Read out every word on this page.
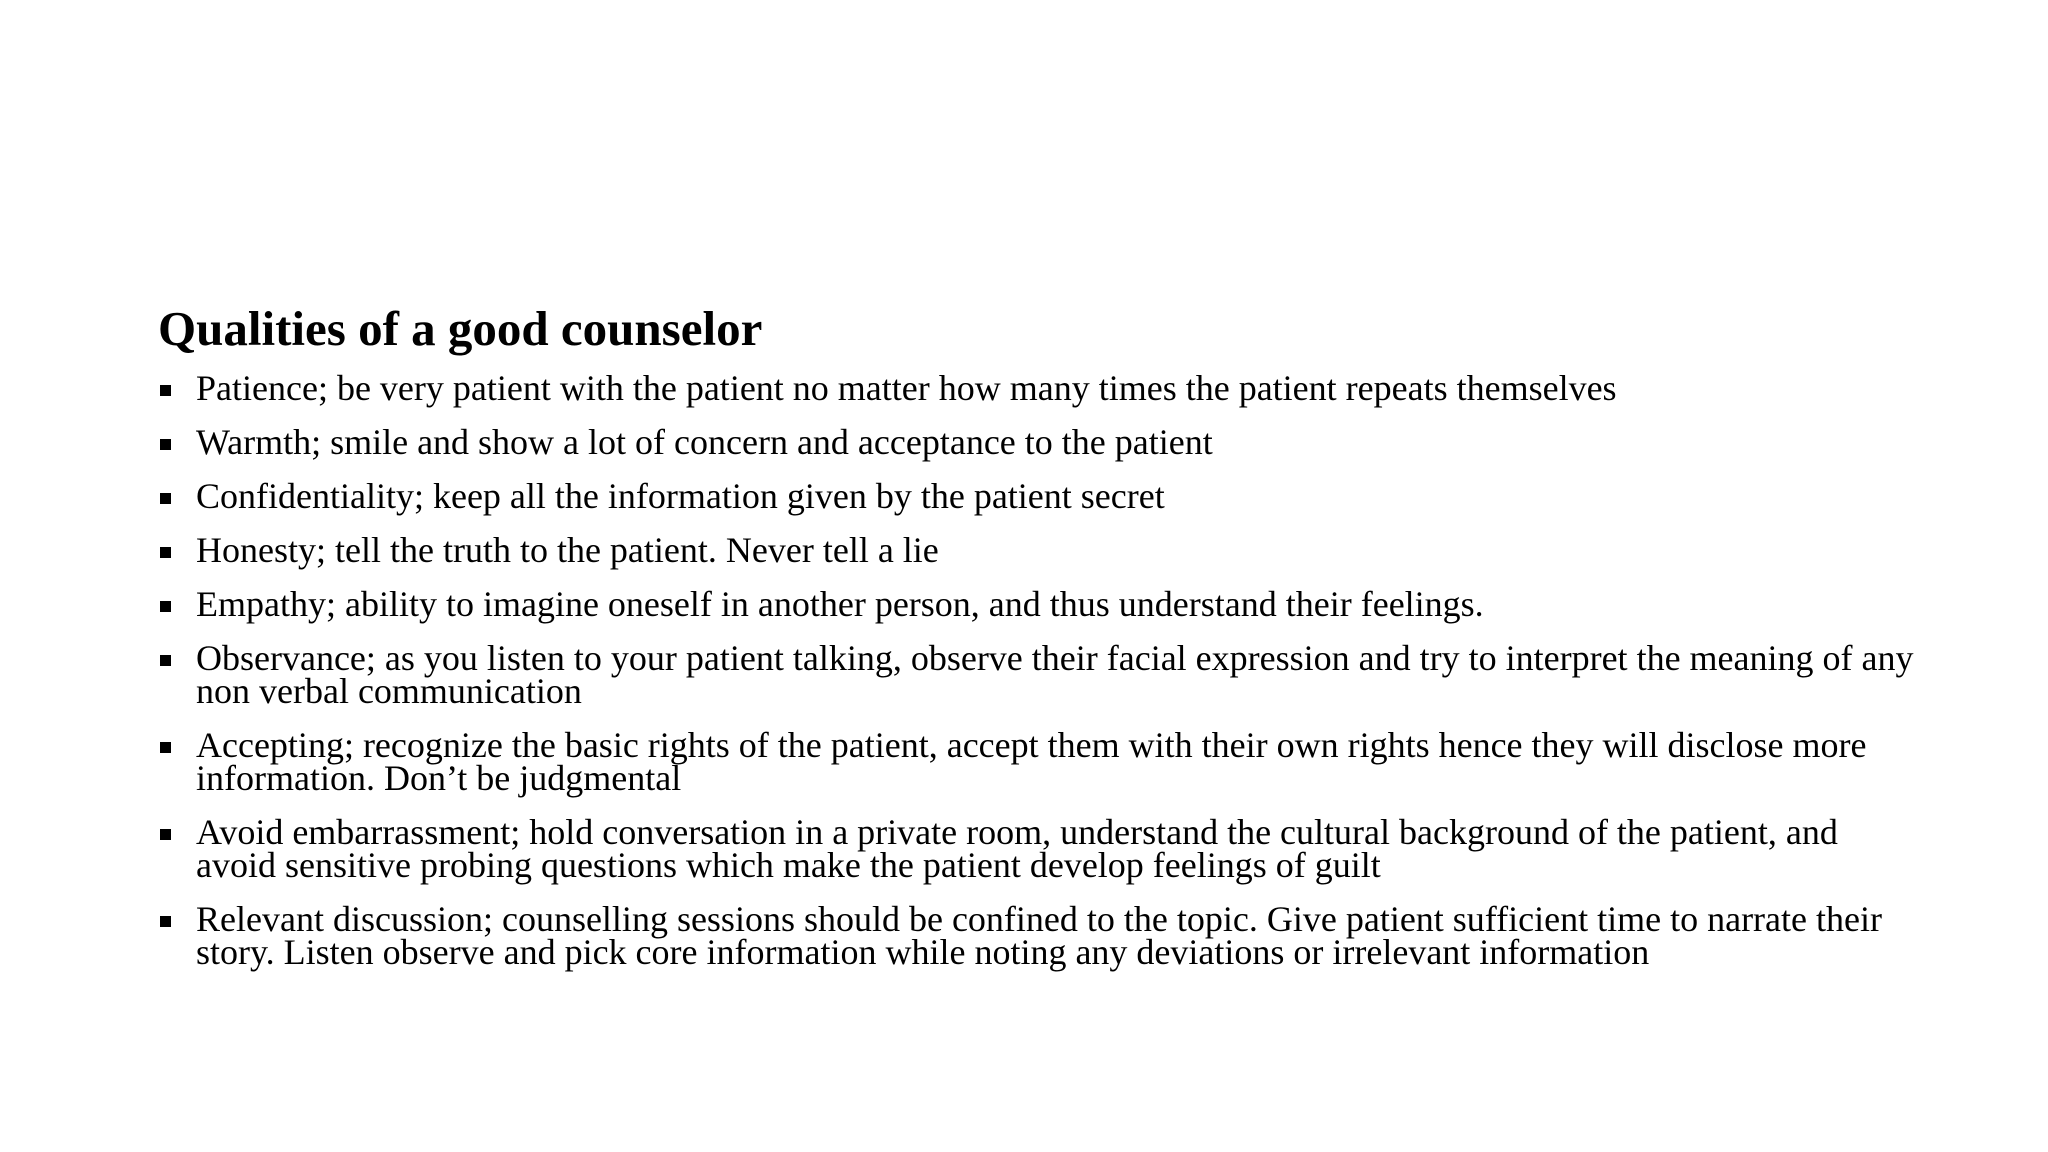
Qualities of a good counselor
Patience; be very patient with the patient no matter how many times the patient repeats themselves
Warmth; smile and show a lot of concern and acceptance to the patient
Confidentiality; keep all the information given by the patient secret
Honesty; tell the truth to the patient. Never tell a lie
Empathy; ability to imagine oneself in another person, and thus understand their feelings.
Observance; as you listen to your patient talking, observe their facial expression and try to interpret the meaning of any non verbal communication
Accepting; recognize the basic rights of the patient, accept them with their own rights hence they will disclose more information. Don’t be judgmental
Avoid embarrassment; hold conversation in a private room, understand the cultural background of the patient, and avoid sensitive probing questions which make the patient develop feelings of guilt
Relevant discussion; counselling sessions should be confined to the topic. Give patient sufficient time to narrate their story. Listen observe and pick core information while noting any deviations or irrelevant information
